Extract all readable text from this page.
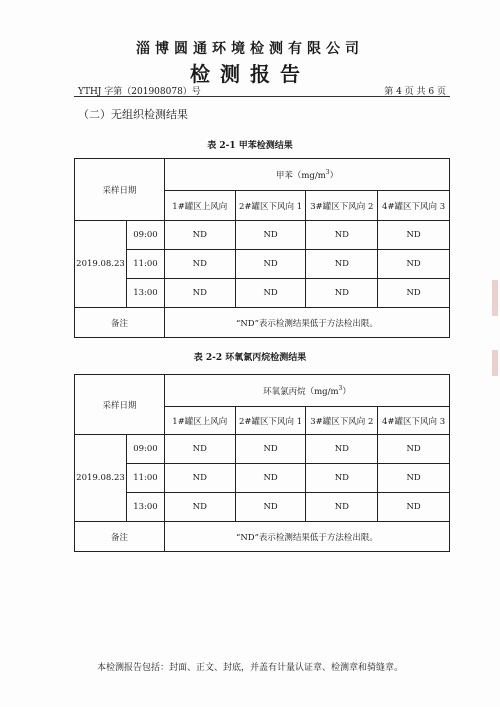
淄博圆通环境检测有限公司
检测报告
YTHJ 字第（201908078）号	第 4 页 共 6 页
（二）无组织检测结果
表 2-1 甲苯检测结果
采样日期		甲苯$(mg/m^3)$			
		1#罐区上风向	2#罐区下风向 1	3#罐区下风向 2	4#罐区下风向 3
2019.08.23	09:00	ND	ND	ND	ND
	11:00	ND	ND	ND	ND
	13:00	ND	ND	ND	ND
备注		“ND”表示检测结果低于方法检出限。			
表 2-2 环氧氯丙烷检测结果
采样日期		环氧氯丙烷$(mg/m^3)$			
		1#罐区上风向	2#罐区下风向 1	3#罐区下风向 2	4#罐区下风向 3
2019.08.23	09:00	ND	ND	ND	ND
	11:00	ND	ND	ND	ND
	13:00	ND	ND	ND	ND
备注		“ND”表示检测结果低于方法检出限。			
本检测报告包括：封面、正文、封底，并盖有计量认证章、检测章和骑缝章。
